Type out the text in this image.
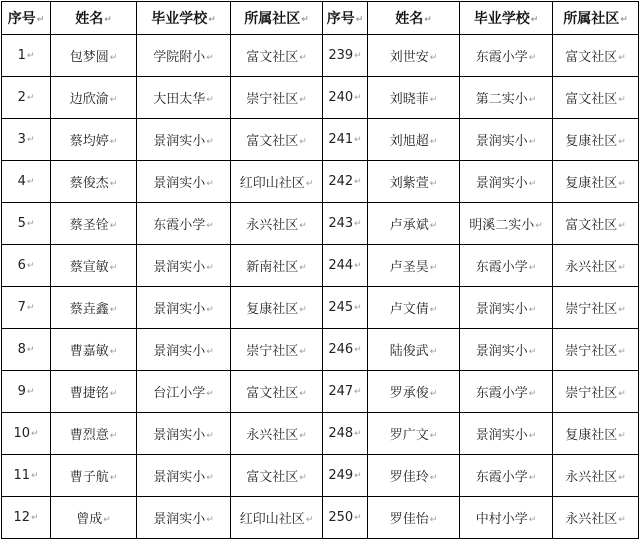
序号↵	姓名↵	毕业学校↵	所属社区↵	序号↵	姓名↵	毕业学校↵	所属社区↵
1↵	包梦圆↵	学院附小↵	富文社区↵	239↵	刘世安↵	东霞小学↵	富文社区↵
2↵	边欣渝↵	大田太华↵	崇宁社区↵	240↵	刘晓菲↵	第二实小↵	富文社区↵
3↵	蔡均婷↵	景润实小↵	富文社区↵	241↵	刘旭超↵	景润实小↵	复康社区↵
4↵	蔡俊杰↵	景润实小↵	红印山社区↵	242↵	刘紫萱↵	景润实小↵	复康社区↵
5↵	蔡圣铨↵	东霞小学↵	永兴社区↵	243↵	卢承斌↵	明溪二实小↵	富文社区↵
6↵	蔡宣敏↵	景润实小↵	新南社区↵	244↵	卢圣昊↵	东霞小学↵	永兴社区↵
7↵	蔡垚鑫↵	景润实小↵	复康社区↵	245↵	卢文倩↵	景润实小↵	崇宁社区↵
8↵	曹嘉敏↵	景润实小↵	崇宁社区↵	246↵	陆俊武↵	景润实小↵	崇宁社区↵
9↵	曹捷铭↵	台江小学↵	富文社区↵	247↵	罗承俊↵	东霞小学↵	崇宁社区↵
10↵	曹烈意↵	景润实小↵	永兴社区↵	248↵	罗广文↵	景润实小↵	复康社区↵
11↵	曹子航↵	景润实小↵	富文社区↵	249↵	罗佳玲↵	东霞小学↵	永兴社区↵
12↵	曾成↵	景润实小↵	红印山社区↵	250↵	罗佳怡↵	中村小学↵	永兴社区↵
